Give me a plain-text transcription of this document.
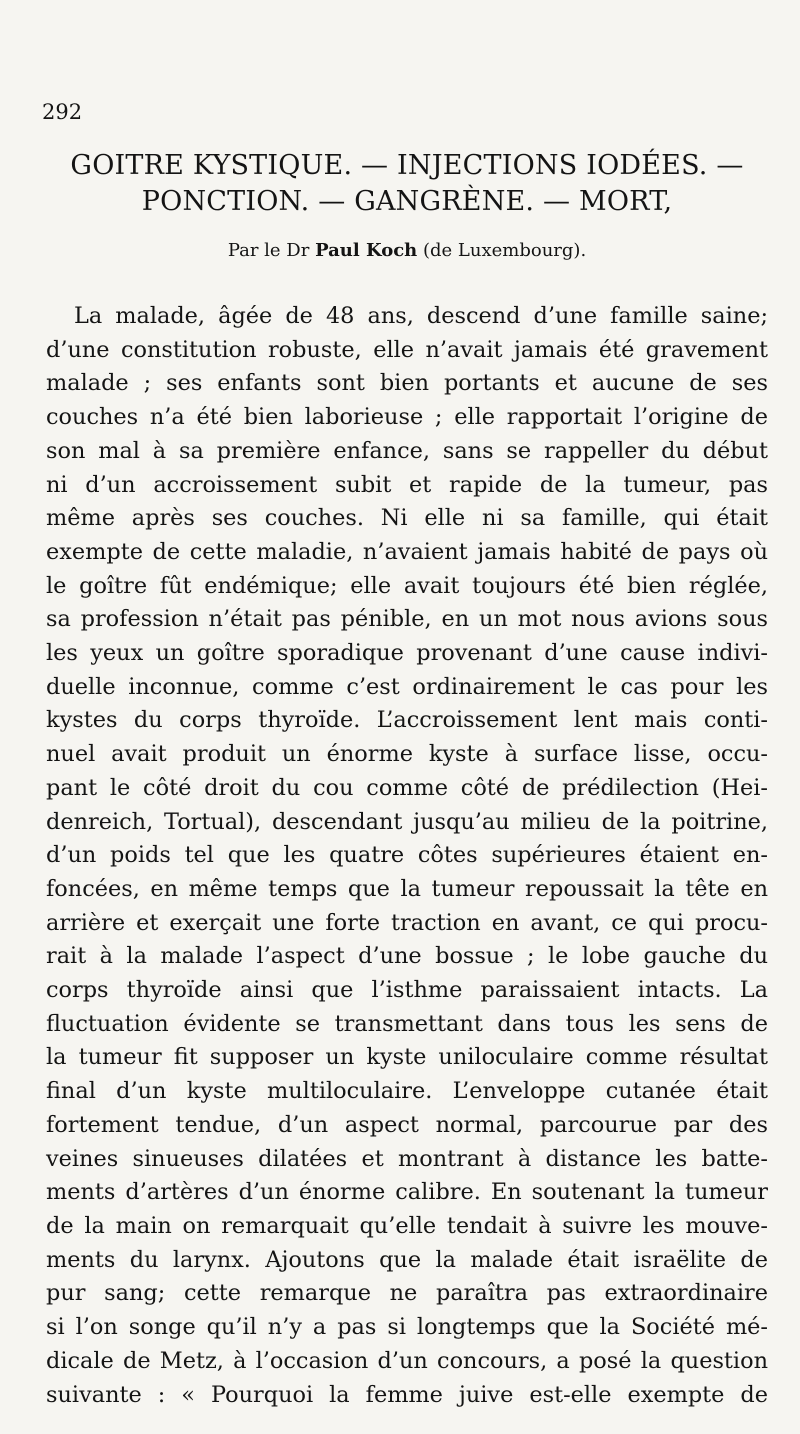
292
GOITRE KYSTIQUE. — INJECTIONS IODÉES. —
PONCTION. — GANGRÈNE. — MORT,
Par le Dr Paul Koch (de Luxembourg).
La malade, âgée de 48 ans, descend d’une famille saine;
d’une constitution robuste, elle n’avait jamais été gravement
malade ; ses enfants sont bien portants et aucune de ses
couches n’a été bien laborieuse ; elle rapportait l’origine de
son mal à sa première enfance, sans se rappeller du début
ni d’un accroissement subit et rapide de la tumeur, pas
même après ses couches. Ni elle ni sa famille, qui était
exempte de cette maladie, n’avaient jamais habité de pays où
le goître fût endémique; elle avait toujours été bien réglée,
sa profession n’était pas pénible, en un mot nous avions sous
les yeux un goître sporadique provenant d’une cause indivi-
duelle inconnue, comme c’est ordinairement le cas pour les
kystes du corps thyroïde. L’accroissement lent mais conti-
nuel avait produit un énorme kyste à surface lisse, occu-
pant le côté droit du cou comme côté de prédilection (Hei-
denreich, Tortual), descendant jusqu’au milieu de la poitrine,
d’un poids tel que les quatre côtes supérieures étaient en-
foncées, en même temps que la tumeur repoussait la tête en
arrière et exerçait une forte traction en avant, ce qui procu-
rait à la malade l’aspect d’une bossue ; le lobe gauche du
corps thyroïde ainsi que l’isthme paraissaient intacts. La
fluctuation évidente se transmettant dans tous les sens de
la tumeur fit supposer un kyste uniloculaire comme résultat
final d’un kyste multiloculaire. L’enveloppe cutanée était
fortement tendue, d’un aspect normal, parcourue par des
veines sinueuses dilatées et montrant à distance les batte-
ments d’artères d’un énorme calibre. En soutenant la tumeur
de la main on remarquait qu’elle tendait à suivre les mouve-
ments du larynx. Ajoutons que la malade était israëlite de
pur sang; cette remarque ne paraîtra pas extraordinaire
si l’on songe qu’il n’y a pas si longtemps que la Société mé-
dicale de Metz, à l’occasion d’un concours, a posé la question
suivante : « Pourquoi la femme juive est-elle exempte de
